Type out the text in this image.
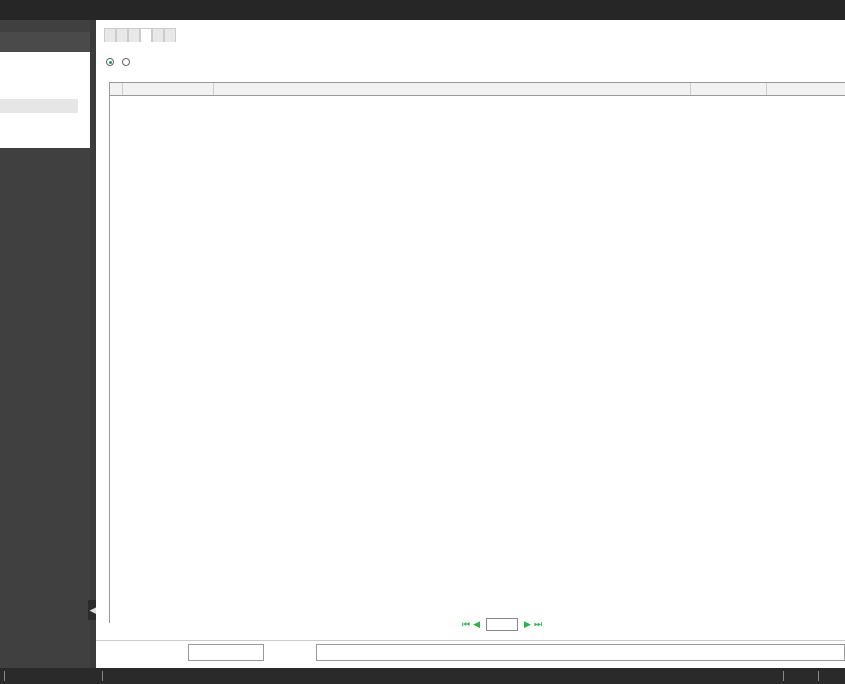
◀

⏮ ◀	▶ ⏭
